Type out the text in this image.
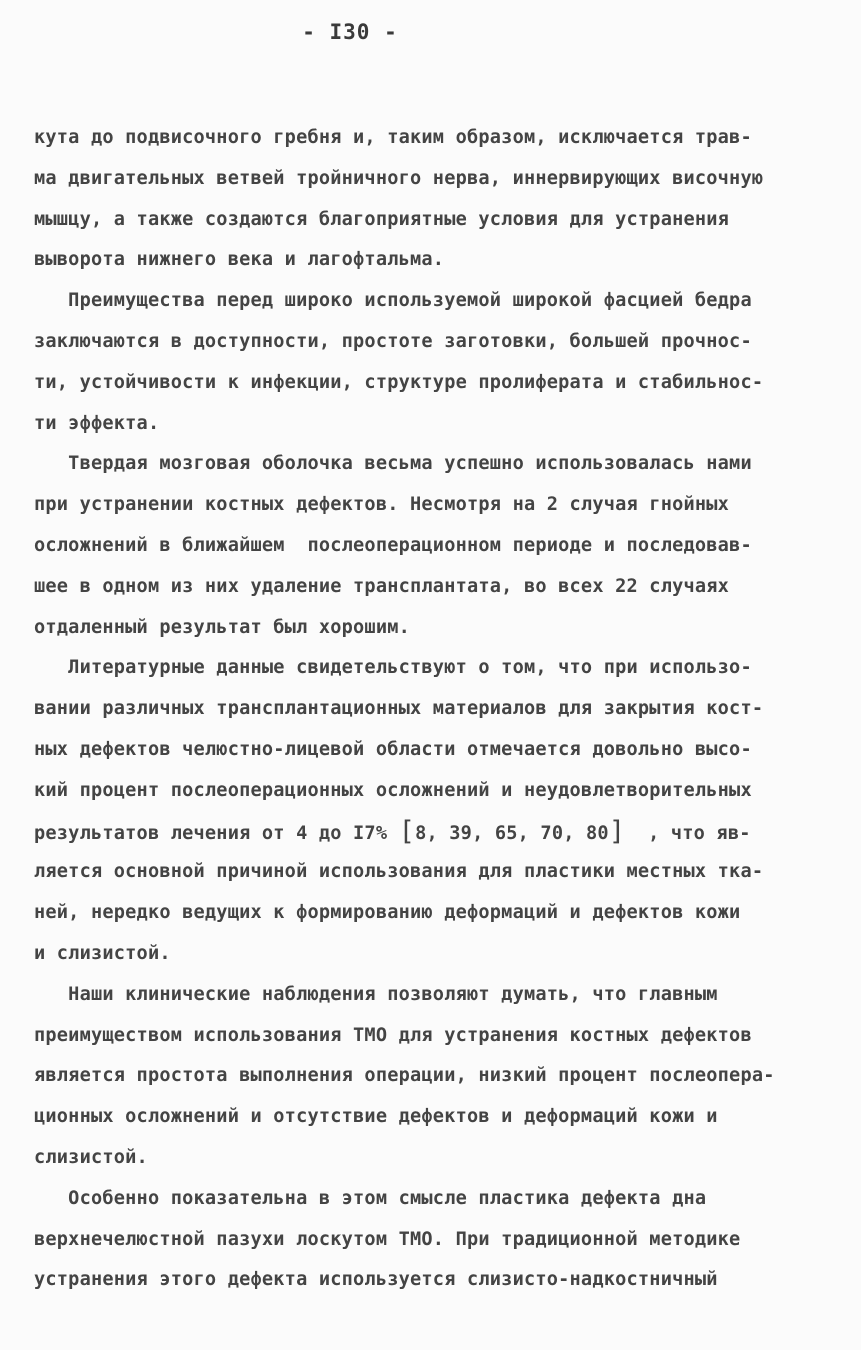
- I30 -
кута до подвисочного гребня и, таким образом, исключается трав-
ма двигательных ветвей тройничного нерва, иннервирующих височную
мышцу, а также создаются благоприятные условия для устранения
выворота нижнего века и лагофтальма.
Преимущества перед широко используемой широкой фасцией бедра
заключаются в доступности, простоте заготовки, большей прочнос-
ти, устойчивости к инфекции, структуре пролиферата и стабильнос-
ти эффекта.
Твердая мозговая оболочка весьма успешно использовалась нами
при устранении костных дефектов. Несмотря на 2 случая гнойных
осложнений в ближайшем  послеоперационном периоде и последовав-
шее в одном из них удаление трансплантата, во всех 22 случаях
отдаленный результат был хорошим.
Литературные данные свидетельствуют о том, что при использо-
вании различных трансплантационных материалов для закрытия кост-
ных дефектов челюстно-лицевой области отмечается довольно высо-
кий процент послеоперационных осложнений и неудовлетворительных
результатов лечения от 4 до I7% [8, 39, 65, 70, 80]  , что яв-
ляется основной причиной использования для пластики местных тка-
ней, нередко ведущих к формированию деформаций и дефектов кожи
и слизистой.
Наши клинические наблюдения позволяют думать, что главным
преимуществом использования ТМО для устранения костных дефектов
является простота выполнения операции, низкий процент послеопера-
ционных осложнений и отсутствие дефектов и деформаций кожи и
слизистой.
Особенно показательна в этом смысле пластика дефекта дна
верхнечелюстной пазухи лоскутом ТМО. При традиционной методике
устранения этого дефекта используется слизисто-надкостничный
